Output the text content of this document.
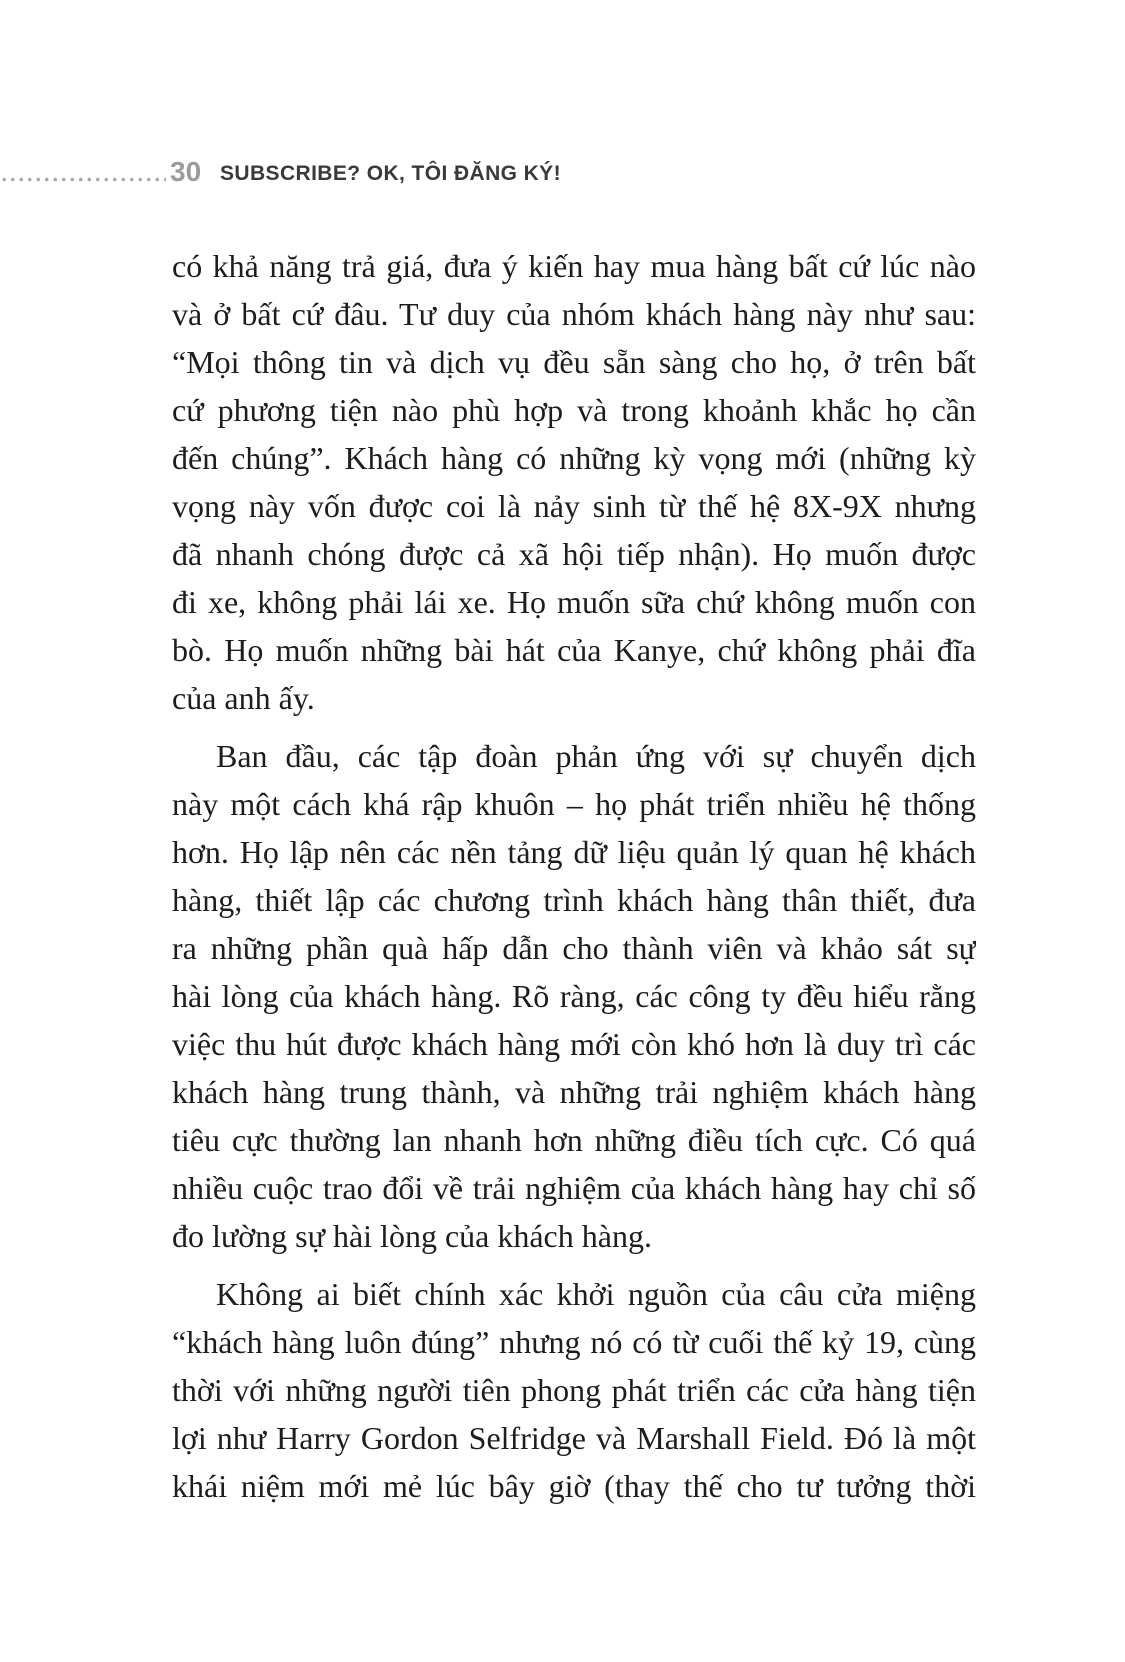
30 SUBSCRIBE? OK, TÔI ĐĂNG KÝ!
có khả năng trả giá, đưa ý kiến hay mua hàng bất cứ lúc nào
và ở bất cứ đâu. Tư duy của nhóm khách hàng này như sau:
“Mọi thông tin và dịch vụ đều sẵn sàng cho họ, ở trên bất
cứ phương tiện nào phù hợp và trong khoảnh khắc họ cần
đến chúng”. Khách hàng có những kỳ vọng mới (những kỳ
vọng này vốn được coi là nảy sinh từ thế hệ 8X-9X nhưng
đã nhanh chóng được cả xã hội tiếp nhận). Họ muốn được
đi xe, không phải lái xe. Họ muốn sữa chứ không muốn con
bò. Họ muốn những bài hát của Kanye, chứ không phải đĩa
của anh ấy.
Ban đầu, các tập đoàn phản ứng với sự chuyển dịch
này một cách khá rập khuôn – họ phát triển nhiều hệ thống
hơn. Họ lập nên các nền tảng dữ liệu quản lý quan hệ khách
hàng, thiết lập các chương trình khách hàng thân thiết, đưa
ra những phần quà hấp dẫn cho thành viên và khảo sát sự
hài lòng của khách hàng. Rõ ràng, các công ty đều hiểu rằng
việc thu hút được khách hàng mới còn khó hơn là duy trì các
khách hàng trung thành, và những trải nghiệm khách hàng
tiêu cực thường lan nhanh hơn những điều tích cực. Có quá
nhiều cuộc trao đổi về trải nghiệm của khách hàng hay chỉ số
đo lường sự hài lòng của khách hàng.
Không ai biết chính xác khởi nguồn của câu cửa miệng
“khách hàng luôn đúng” nhưng nó có từ cuối thế kỷ 19, cùng
thời với những người tiên phong phát triển các cửa hàng tiện
lợi như Harry Gordon Selfridge và Marshall Field. Đó là một
khái niệm mới mẻ lúc bây giờ (thay thế cho tư tưởng thời
